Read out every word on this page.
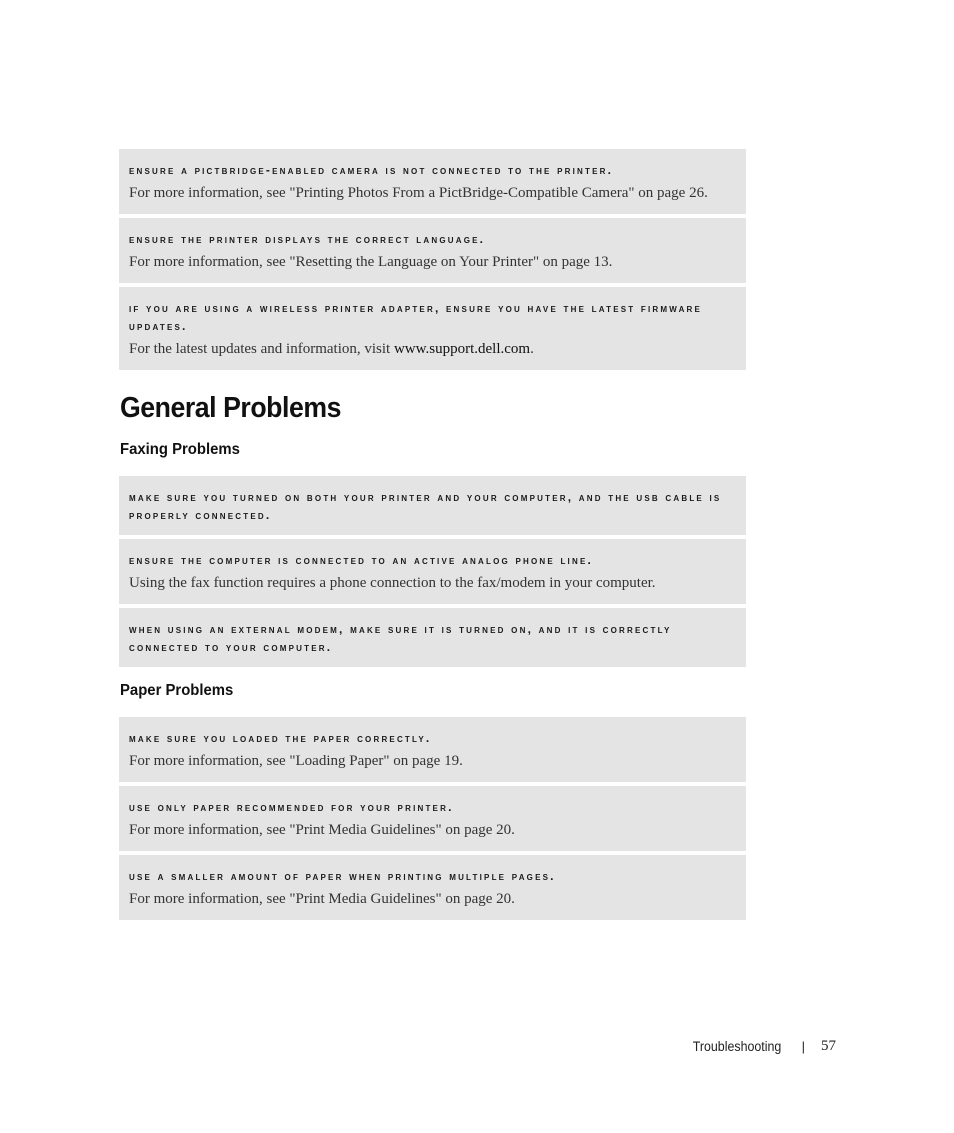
ensure a pictbridge-enabled camera is not connected to the printer.
For more information, see "Printing Photos From a PictBridge-Compatible Camera" on page 26.
ensure the printer displays the correct language.
For more information, see "Resetting the Language on Your Printer" on page 13.
if you are using a wireless printer adapter, ensure you have the latest firmware updates.
For the latest updates and information, visit www.support.dell.com.
General Problems
Faxing Problems
make sure you turned on both your printer and your computer, and the usb cable is properly connected.
ensure the computer is connected to an active analog phone line.
Using the fax function requires a phone connection to the fax/modem in your computer.
when using an external modem, make sure it is turned on, and it is correctly connected to your computer.
Paper Problems
make sure you loaded the paper correctly.
For more information, see "Loading Paper" on page 19.
use only paper recommended for your printer.
For more information, see "Print Media Guidelines" on page 20.
use a smaller amount of paper when printing multiple pages.
For more information, see "Print Media Guidelines" on page 20.
Troubleshooting | 57
